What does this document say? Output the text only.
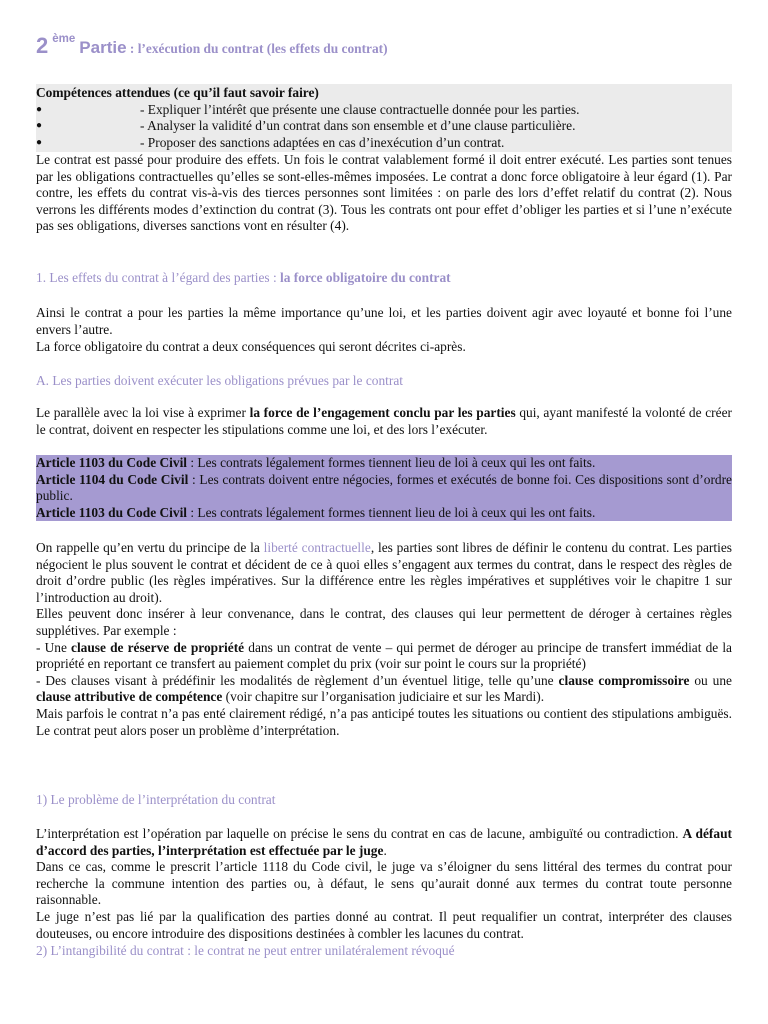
2 ème Partie : l’exécution du contrat (les effets du contrat)
Compétences attendues (ce qu’il faut savoir faire)
●	- Expliquer l’intérêt que présente une clause contractuelle donnée pour les parties.
●	- Analyser la validité d’un contrat dans son ensemble et d’une clause particulière.
●	- Proposer des sanctions adaptées en cas d’inexécution d’un contrat.

Le contrat est passé pour produire des effets. Un fois le contrat valablement formé il doit entrer exécuté. Les parties sont tenues par les obligations contractuelles qu’elles se sont-elles-mêmes imposées. Le contrat a donc force obligatoire à leur égard (1). Par contre, les effets du contrat vis-à-vis des tierces personnes sont limitées : on parle des lors d’effet relatif du contrat (2). Nous verrons les différents modes d’extinction du contrat (3). Tous les contrats ont pour effet d’obliger les parties et si l’une n’exécute pas ses obligations, diverses sanctions vont en résulter (4).

1. Les effets du contrat à l’égard des parties : la force obligatoire du contrat

Ainsi le contrat a pour les parties la même importance qu’une loi, et les parties doivent agir avec loyauté et bonne foi l’une envers l’autre.

La force obligatoire du contrat a deux conséquences qui seront décrites ci-après.

A. Les parties doivent exécuter les obligations prévues par le contrat

Le parallèle avec la loi vise à exprimer la force de l’engagement conclu par les parties qui, ayant manifesté la volonté de créer le contrat, doivent en respecter les stipulations comme une loi, et des lors l’exécuter.

Article 1103 du Code Civil : Les contrats légalement formes tiennent lieu de loi à ceux qui les ont faits.

Article 1104 du Code Civil : Les contrats doivent entre négocies, formes et exécutés de bonne foi. Ces dispositions sont d’ordre public.

Article 1103 du Code Civil : Les contrats légalement formes tiennent lieu de loi à ceux qui les ont faits.

On rappelle qu’en vertu du principe de la liberté contractuelle, les parties sont libres de définir le contenu du contrat. Les parties négocient le plus souvent le contrat et décident de ce à quoi elles s’engagent aux termes du contrat, dans le respect des règles de droit d’ordre public (les règles impératives. Sur la différence entre les règles impératives et supplétives voir le chapitre 1 sur l’introduction au droit).

Elles peuvent donc insérer à leur convenance, dans le contrat, des clauses qui leur permettent de déroger à certaines règles supplétives. Par exemple :

- Une clause de réserve de propriété dans un contrat de vente – qui permet de déroger au principe de transfert immédiat de la propriété en reportant ce transfert au paiement complet du prix (voir sur point le cours sur la propriété)

- Des clauses visant à prédéfinir les modalités de règlement d’un éventuel litige, telle qu’une clause compromissoire ou une clause attributive de compétence (voir chapitre sur l’organisation judiciaire et sur les Mardi).

Mais parfois le contrat n’a pas enté clairement rédigé, n’a pas anticipé toutes les situations ou contient des stipulations ambiguës. Le contrat peut alors poser un problème d’interprétation.

1) Le problème de l’interprétation du contrat

L’interprétation est l’opération par laquelle on précise le sens du contrat en cas de lacune, ambiguïté ou contradiction. A défaut d’accord des parties, l’interprétation est effectuée par le juge.

Dans ce cas, comme le prescrit l’article 1118 du Code civil, le juge va s’éloigner du sens littéral des termes du contrat pour recherche la commune intention des parties ou, à défaut, le sens qu’aurait donné aux termes du contrat toute personne raisonnable.

Le juge n’est pas lié par la qualification des parties donné au contrat. Il peut requalifier un contrat, interpréter des clauses douteuses, ou encore introduire des dispositions destinées à combler les lacunes du contrat.

2) L’intangibilité du contrat : le contrat ne peut entrer unilatéralement révoqué
